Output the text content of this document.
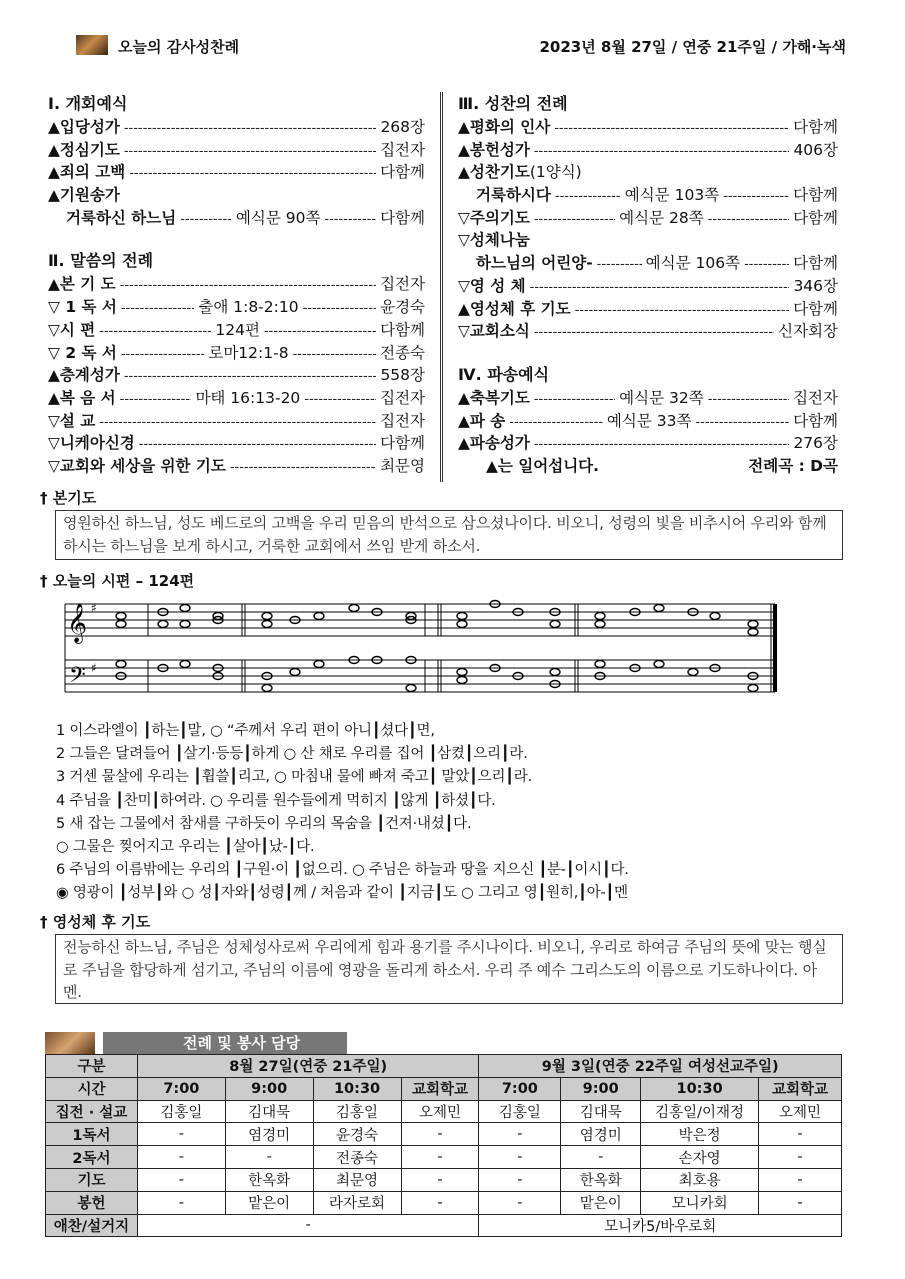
오늘의 감사성찬례	2023년 8월 27일 / 연중 21주일 / 가해·녹색
Ⅰ. 개회예식
▲입당성가 -----	268장
▲정심기도 -----	집전자
▲죄의 고백 -----	다함께
▲기원송가
거룩하신 하느님 -----	예식문 90쪽 -----	다함께
Ⅱ. 말씀의 전례
▲본 기 도 -----	집전자
▽ 1 독 서 -----	출애 1:8-2:10 -----	윤경숙
▽시 편 -----	124편 -----	다함께
▽ 2 독 서 -----	로마12:1-8 -----	전종숙
▲층계성가 -----	558장
▲복 음 서 -----	마태 16:13-20 -----	집전자
▽설 교 -----	집전자
▽니케아신경 -----	다함께
▽교회와 세상을 위한 기도 -----	최문영
Ⅲ. 성찬의 전례
▲평화의 인사 -----	다함께
▲봉헌성가 -----	406장
▲성찬기도 (1양식)
거룩하시다 -----	예식문 103쪽 -----	다함께
▽주의기도 -----	예식문 28쪽 -----	다함께
▽성체나눔
하느님의 어린양- -----	예식문 106쪽 -----	다함께
▽영 성 체 -----	346장
▲영성체 후 기도 -----	다함께
▽교회소식 -----	신자회장
Ⅳ. 파송예식
▲축복기도 -----	예식문 32쪽 -----	집전자
▲파 송 -----	예식문 33쪽 -----	다함께
▲파송성가 -----	276장
▲는 일어섭니다.	전례곡 : D곡
† 본기도
영원하신 하느님, 성도 베드로의 고백을 우리 믿음의 반석으로 삼으셨나이다. 비오니, 성령의 빛을 비추시어 우리와 함께 하시는 하느님을 보게 하시고, 거룩한 교회에서 쓰임 받게 하소서.
† 오늘의 시편 – 124편
𝄞
𝄢
♯
♯
1 이스라엘이 ┃하는┃말, ○ “주께서 우리 편이 아니┃셨다┃면,
2 그들은 달려들어 ┃살기·등등┃하게 ○ 산 채로 우리를 집어 ┃삼켰┃으리┃라.
3 거센 물살에 우리는 ┃휩쓸┃리고, ○ 마침내 물에 빠져 죽고┃ 말았┃으리┃라.
4 주님을 ┃찬미┃하여라. ○ 우리를 원수들에게 먹히지 ┃않게 ┃하셨┃다.
5 새 잡는 그물에서 참새를 구하듯이 우리의 목숨을 ┃건져·내셨┃다.
○ 그물은 찢어지고 우리는 ┃살아┃났-┃다.
6 주님의 이름밖에는 우리의 ┃구원·이 ┃없으리. ○ 주님은 하늘과 땅을 지으신 ┃분-┃이시┃다.
◉ 영광이 ┃성부┃와 ○ 성┃자와┃성령┃께 / 처음과 같이 ┃지금┃도 ○ 그리고 영┃원히,┃아-┃멘
† 영성체 후 기도
전능하신 하느님, 주님은 성체성사로써 우리에게 힘과 용기를 주시나이다. 비오니, 우리로 하여금 주님의 뜻에 맞는 행실로 주님을 합당하게 섬기고, 주님의 이름에 영광을 돌리게 하소서. 우리 주 예수 그리스도의 이름으로 기도하나이다. 아멘.
전례 및 봉사 담당
구분	8월 27일(연중 21주일)				9월 3일(연중 22주일 여성선교주일)			
시간	7:00	9:00	10:30	교회학교	7:00	9:00	10:30	교회학교
집전 · 설교	김홍일	김대묵	김홍일	오제민	김홍일	김대묵	김홍일/이재정	오제민
1독서	-	염경미	윤경숙	-	-	염경미	박은정	-
2독서	-	-	전종숙	-	-	-	손자영	-
기도	-	한옥화	최문영	-	-	한옥화	최호용	-
봉헌	-	맡은이	라자로회	-	-	맡은이	모니카회	-
애찬/설거지	-				모니카5/바우로회			
